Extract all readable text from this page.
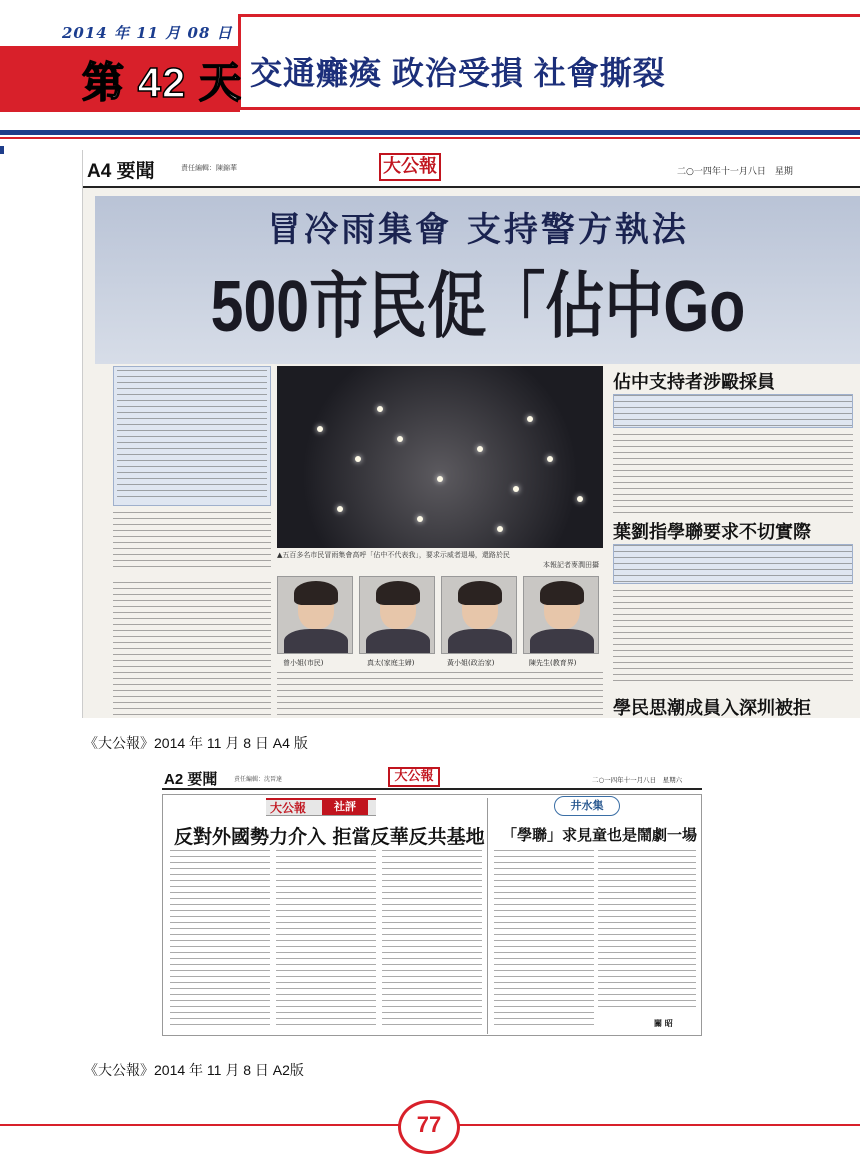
2014 年 11 月 08 日
第 42 天 交通癱瘓 政治受損 社會撕裂
A4 要聞	責任編輯：陳錦華	大公報	二○一四年十一月八日　星期
冒冷雨集會 支持警方執法
500市民促「佔中Go
▲五百多名市民冒雨集會高呼「佔中不代表我」，要求示威者退場，還路於民
本報記者麥潤田攝
曾小姐(市民)	真太(家庭主婦)	黃小姐(政治家)	陳先生(教育界)
佔中支持者涉毆採員
葉劉指學聯要求不切實際
學民思潮成員入深圳被拒
《大公報》2014 年 11 月 8 日 A4 版
A2 要聞	責任編輯：沈晉達	大公報	二○一四年十一月八日　星期六
大公報	社評
反對外國勢力介入 拒當反華反共基地
井水集
「學聯」求見童也是鬧劇一場
關 昭
《大公報》2014 年 11 月 8 日 A2版
77
